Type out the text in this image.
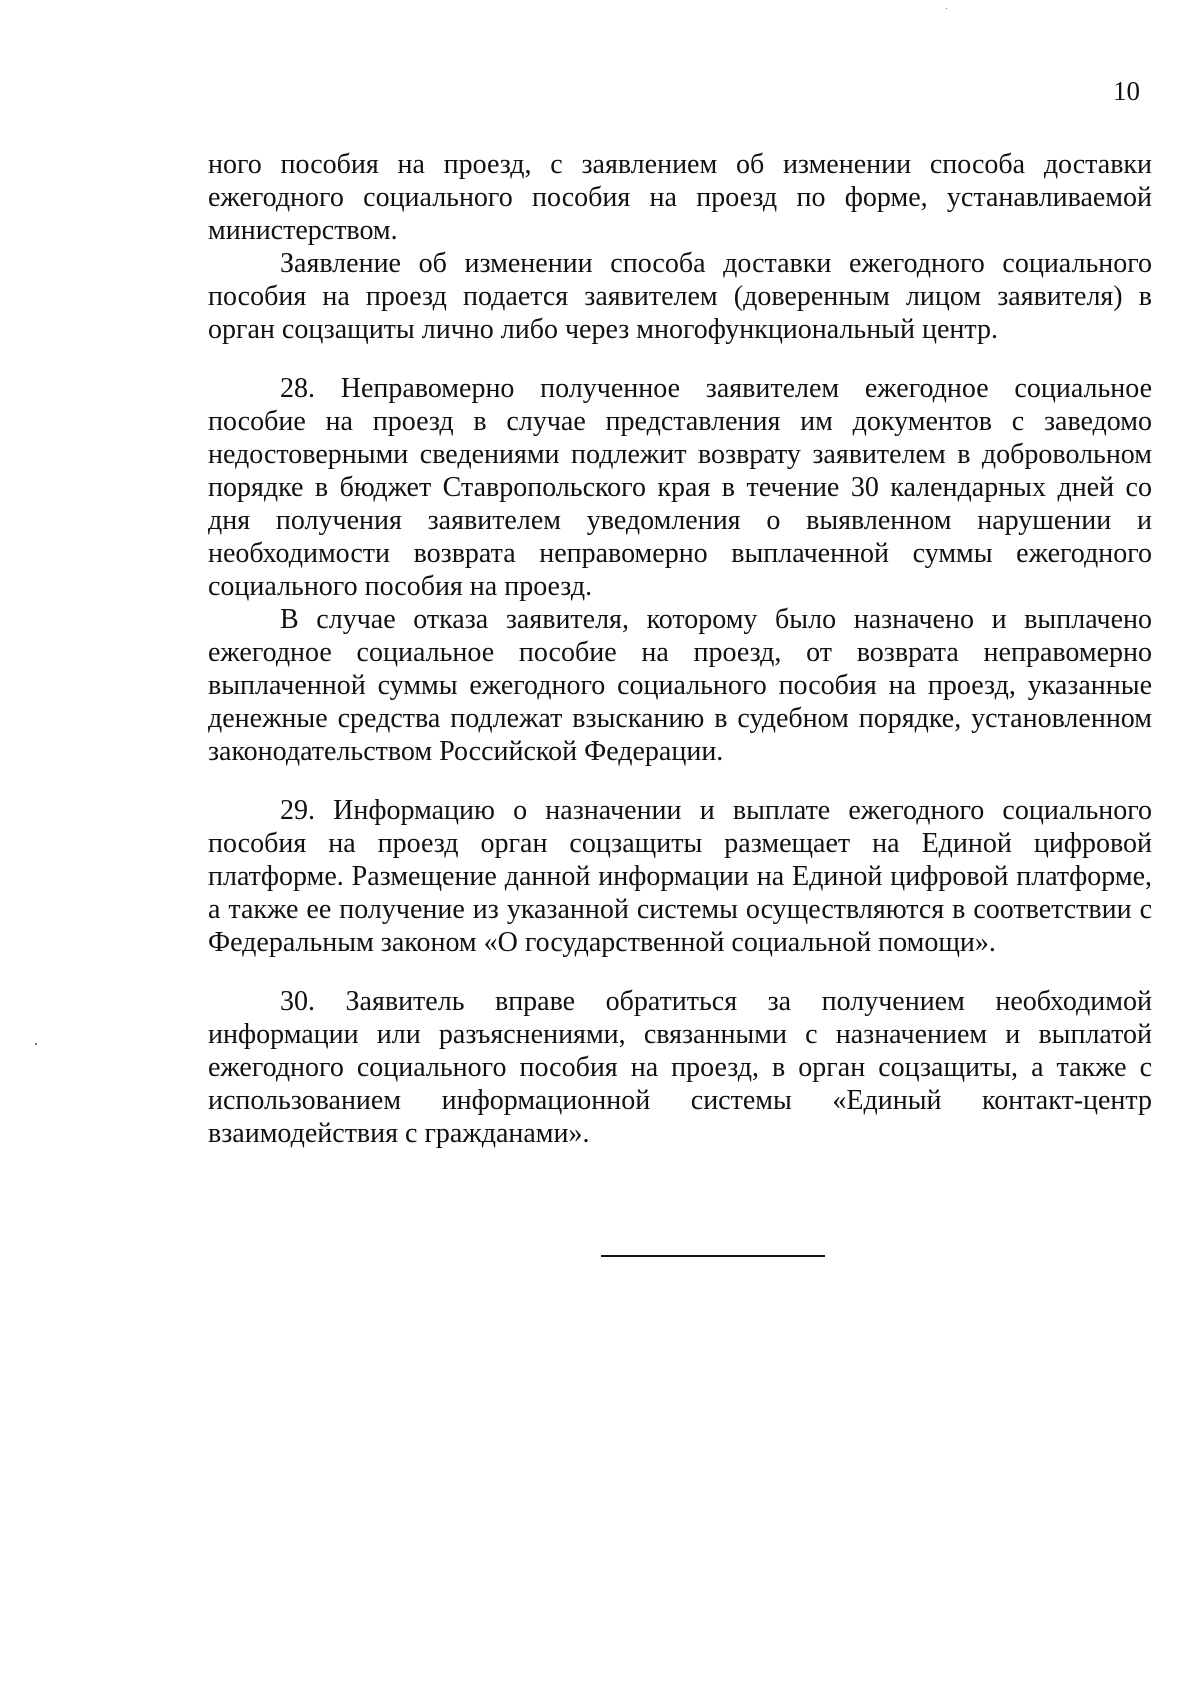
10

ного пособия на проезд, с заявлением об изменении способа доставки ежегодного социального пособия на проезд по форме, устанавливаемой министерством.

Заявление об изменении способа доставки ежегодного социального пособия на проезд подается заявителем (доверенным лицом заявителя) в орган соцзащиты лично либо через многофункциональный центр.

28. Неправомерно полученное заявителем ежегодное социальное пособие на проезд в случае представления им документов с заведомо недостоверными сведениями подлежит возврату заявителем в добровольном порядке в бюджет Ставропольского края в течение 30 календарных дней со дня получения заявителем уведомления о выявленном нарушении и необходимости возврата неправомерно выплаченной суммы ежегодного социального пособия на проезд.

В случае отказа заявителя, которому было назначено и выплачено ежегодное социальное пособие на проезд, от возврата неправомерно выплаченной суммы ежегодного социального пособия на проезд, указанные денежные средства подлежат взысканию в судебном порядке, установленном законодательством Российской Федерации.

29. Информацию о назначении и выплате ежегодного социального пособия на проезд орган соцзащиты размещает на Единой цифровой платформе. Размещение данной информации на Единой цифровой платформе, а также ее получение из указанной системы осуществляются в соответствии с Федеральным законом «О государственной социальной помощи».

30. Заявитель вправе обратиться за получением необходимой информации или разъяснениями, связанными с назначением и выплатой ежегодного социального пособия на проезд, в орган соцзащиты, а также с использованием информационной системы «Единый контакт-центр взаимодействия с гражданами».
